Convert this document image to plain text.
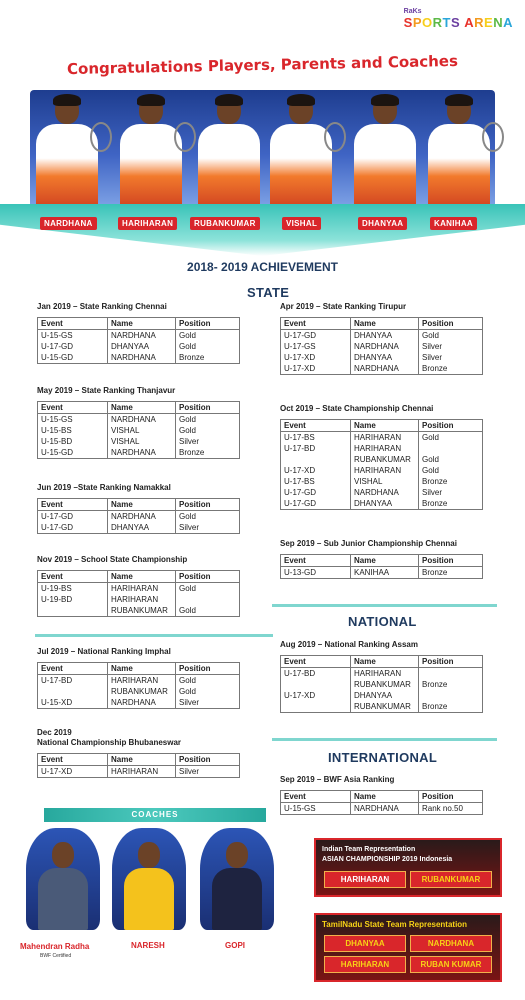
RaKs
SPORTS ARENA
Congratulations Players, Parents and Coaches
NARDHANA	HARIHARAN	RUBANKUMAR	VISHAL	DHANYAA	KANIHAA
2018- 2019 ACHIEVEMENT
STATE
NATIONAL
INTERNATIONAL
Jan 2019 – State Ranking Chennai
Event	Name	Position
U-15-GS	NARDHANA	Gold
U-17-GD	DHANYAA	Gold
U-15-GD	NARDHANA	Bronze
May 2019 – State Ranking Thanjavur
Event	Name	Position
U-15-GS	NARDHANA	Gold
U-15-BS	VISHAL	Gold
U-15-BD	VISHAL	Silver
U-15-GD	NARDHANA	Bronze
Jun 2019 –State Ranking Namakkal
Event	Name	Position
U-17-GD	NARDHANA	Gold
U-17-GD	DHANYAA	Silver
Nov 2019 – School State Championship
Event	Name	Position
U-19-BS	HARIHARAN	Gold
U-19-BD	HARIHARAN	
	RUBANKUMAR	Gold
Jul 2019 – National Ranking Imphal
Event	Name	Position
U-17-BD	HARIHARAN	Gold
	RUBANKUMAR	Gold
U-15-XD	NARDHANA	Silver
Dec 2019
National Championship Bhubaneswar
Event	Name	Position
U-17-XD	HARIHARAN	Silver
Apr 2019 – State Ranking Tirupur
Event	Name	Position
U-17-GD	DHANYAA	Gold
U-17-GS	NARDHANA	Silver
U-17-XD	DHANYAA	Silver
U-17-XD	NARDHANA	Bronze
Oct 2019 – State Championship Chennai
Event	Name	Position
U-17-BS	HARIHARAN	Gold
U-17-BD	HARIHARAN	
	RUBANKUMAR	Gold
U-17-XD	HARIHARAN	Gold
U-17-BS	VISHAL	Bronze
U-17-GD	NARDHANA	Silver
U-17-GD	DHANYAA	Bronze
Sep 2019 – Sub Junior Championship Chennai
Event	Name	Position
U-13-GD	KANIHAA	Bronze
Aug 2019 – National Ranking Assam
Event	Name	Position
U-17-BD	HARIHARAN	
	RUBANKUMAR	Bronze
U-17-XD	DHANYAA	
	RUBANKUMAR	Bronze
Sep 2019 – BWF Asia Ranking
Event	Name	Position
U-15-GS	NARDHANA	Rank no.50
COACHES
Mahendran Radha
BWF Certified
NARESH	GOPI
Indian Team Representation
ASIAN CHAMPIONSHIP 2019 Indonesia
HARIHARAN	RUBANKUMAR
TamilNadu State Team Representation
DHANYAA	NARDHANA
HARIHARAN	RUBAN KUMAR
